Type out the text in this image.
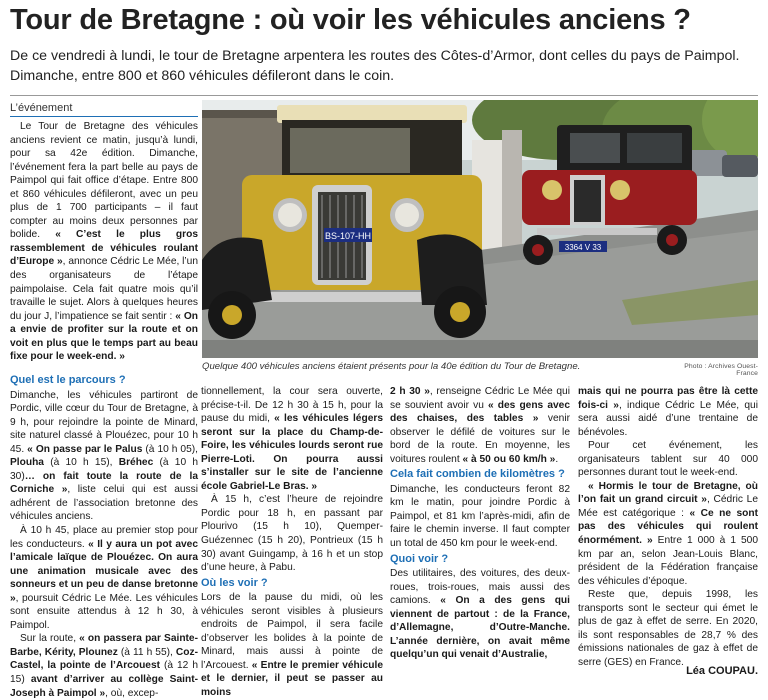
Tour de Bretagne : où voir les véhicules anciens ?
De ce vendredi à lundi, le tour de Bretagne arpentera les routes des Côtes-d’Armor, dont celles du pays de Paimpol. Dimanche, entre 800 et 860 véhicules défileront dans le coin.
L’événement

Le Tour de Bretagne des véhicules anciens revient ce matin, jusqu’à lundi, pour sa 42e édition. Dimanche, l’événement fera la part belle au pays de Paimpol qui fait office d’étape. Entre 800 et 860 véhicules défileront, avec un peu plus de 1 700 participants – il faut compter au moins deux personnes par bolide. « C’est le plus gros rassemblement de véhicules roulant d’Europe », annonce Cédric Le Mée, l’un des organisateurs de l’étape paimpolaise. Cela fait quatre mois qu’il travaille le sujet. Alors à quelques heures du jour J, l’impatience se fait sentir : « On a envie de profiter sur la route et on voit en plus que le temps part au beau fixe pour le week-end. »

3364 V 33
BS-107-HH
Quelque 400 véhicules anciens étaient présents pour la 40e édition du Tour de Bretagne.	Photo : Archives Ouest-France
Quel est le parcours ?

Dimanche, les véhicules partiront de Pordic, ville cœur du Tour de Bretagne, à 9 h, pour rejoindre la pointe de Minard, site naturel classé à Plouézec, pour 10 h 45. « On passe par le Palus (à 10 h 05), Plouha (à 10 h 15), Bréhec (à 10 h 30)… on fait toute la route de la Corniche », liste celui qui est aussi adhérent de l’association bretonne des véhicules anciens.

À 10 h 45, place au premier stop pour les conducteurs. « Il y aura un pot avec l’amicale laïque de Plouézec. On aura une animation musicale avec des sonneurs et un peu de danse bretonne », poursuit Cédric Le Mée. Les véhicules sont ensuite attendus à 12 h 30, à Paimpol.

Sur la route, « on passera par Sainte-Barbe, Kérity, Plounez (à 11 h 55), Coz-Castel, la pointe de l’Arcouest (à 12 h 15) avant d’arriver au collège Saint-Joseph à Paimpol », où, excep-

tionnellement, la cour sera ouverte, précise-t-il. De 12 h 30 à 15 h, pour la pause du midi, « les véhicules légers seront sur la place du Champ-de-Foire, les véhicules lourds seront rue Pierre-Loti. On pourra aussi s’installer sur le site de l’ancienne école Gabriel-Le Bras. »

À 15 h, c’est l’heure de rejoindre Pordic pour 18 h, en passant par Plourivo (15 h 10), Quemper-Guézennec (15 h 20), Pontrieux (15 h 30) avant Guingamp, à 16 h et un stop d’une heure, à Pabu.

Où les voir ?

Lors de la pause du midi, où les véhicules seront visibles à plusieurs endroits de Paimpol, il sera facile d’observer les bolides à la pointe de Minard, mais aussi à pointe de l’Arcouest. « Entre le premier véhicule et le dernier, il peut se passer au moins

2 h 30 », renseigne Cédric Le Mée qui se souvient avoir vu « des gens avec des chaises, des tables » venir observer le défilé de voitures sur le bord de la route. En moyenne, les voitures roulent « à 50 ou 60 km/h ».

Cela fait combien de kilomètres ?

Dimanche, les conducteurs feront 82 km le matin, pour joindre Pordic à Paimpol, et 81 km l’après-midi, afin de faire le chemin inverse. Il faut compter un total de 450 km pour le week-end.

Quoi voir ?

Des utilitaires, des voitures, des deux-roues, trois-roues, mais aussi des camions. « On a des gens qui viennent de partout : de la France, d’Allemagne, d’Outre-Manche. L’année dernière, on avait même quelqu’un qui venait d’Australie,

mais qui ne pourra pas être là cette fois-ci », indique Cédric Le Mée, qui sera aussi aidé d’une trentaine de bénévoles.

Pour cet événement, les organisateurs tablent sur 40 000 personnes durant tout le week-end.

« Hormis le tour de Bretagne, où l’on fait un grand circuit », Cédric Le Mée est catégorique : « Ce ne sont pas des véhicules qui roulent énormément. » Entre 1 000 à 1 500 km par an, selon Jean-Louis Blanc, président de la Fédération française des véhicules d’époque.

Reste que, depuis 1998, les transports sont le secteur qui émet le plus de gaz à effet de serre. En 2020, ils sont responsables de 28,7 % des émissions nationales de gaz à effet de serre (GES) en France.

Léa COUPAU.
